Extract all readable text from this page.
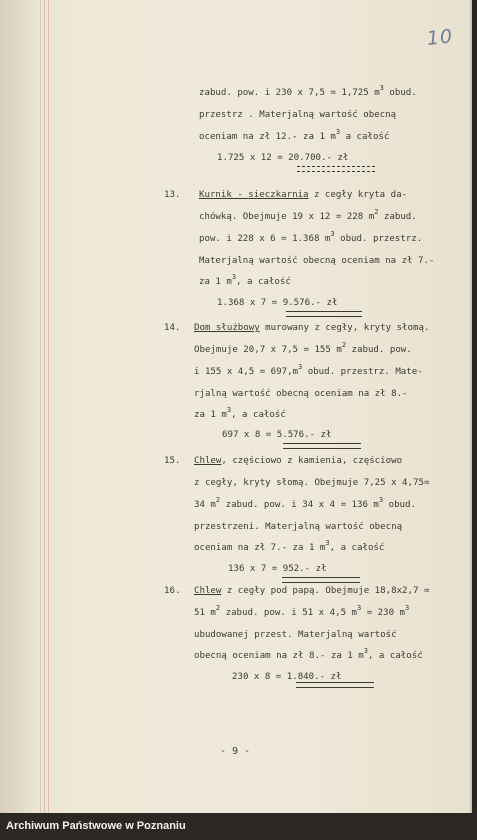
10
zabud. pow. i 230 x 7,5 = 1,725 $m^3$ obud.
przestrz . Materjalną wartość obecną
oceniam na zł 12.- za 1 $m^3$ a całość
1.725 x 12 = 20.700.- zł
13. Kurnik - sieczkarnia z cegły kryta da-
chówką. Obejmuje 19 x 12 = 228 $m^2$ zabud.
pow. i 228 x 6 = 1.368 $m^3$ obud. przestrz.
Materjalną wartość obecną oceniam na zł 7.-
za 1 $m^3$, a całość
1.368 x 7 = 9.576.- zł
14. Dom służbowy murowany z cegły, kryty słomą.
Obejmuje 20,7 x 7,5 = 155 $m^2$ zabud. pow.
i 155 x $4,5 = 697,m^3$ obud. przestrz. Mate-
rjalną wartość obecną oceniam na zł 8.-
za 1 $m^3$, a całość
697 x 8 = 5.576.- zł
15. Chlew, częściowo z kamienia, częściowo
z cegły, kryty słomą. Obejmuje 7,25 x 4,75=
34 $m^2$ zabud. pow. i 34 x 4 = 136 $m^3$ obud.
przestrzeni. Materjalną wartość obecną
oceniam na zł 7.- za 1 $m^3$, a całość
136 x 7 = 952.- zł
16. Chlew z cegły pod papą. Obejmuje 18,8x2,7 =
51 $m^2$ zabud. pow. i 51 x 4,5 $m^3 = 230$ $m^3$
ubudowanej przest. Materjalną wartość
obecną oceniam na zł 8.- za 1 $m^3$, a całość
230 x 8 = 1.840.- zł
- 9 -
Archiwum Państwowe w Poznaniu
